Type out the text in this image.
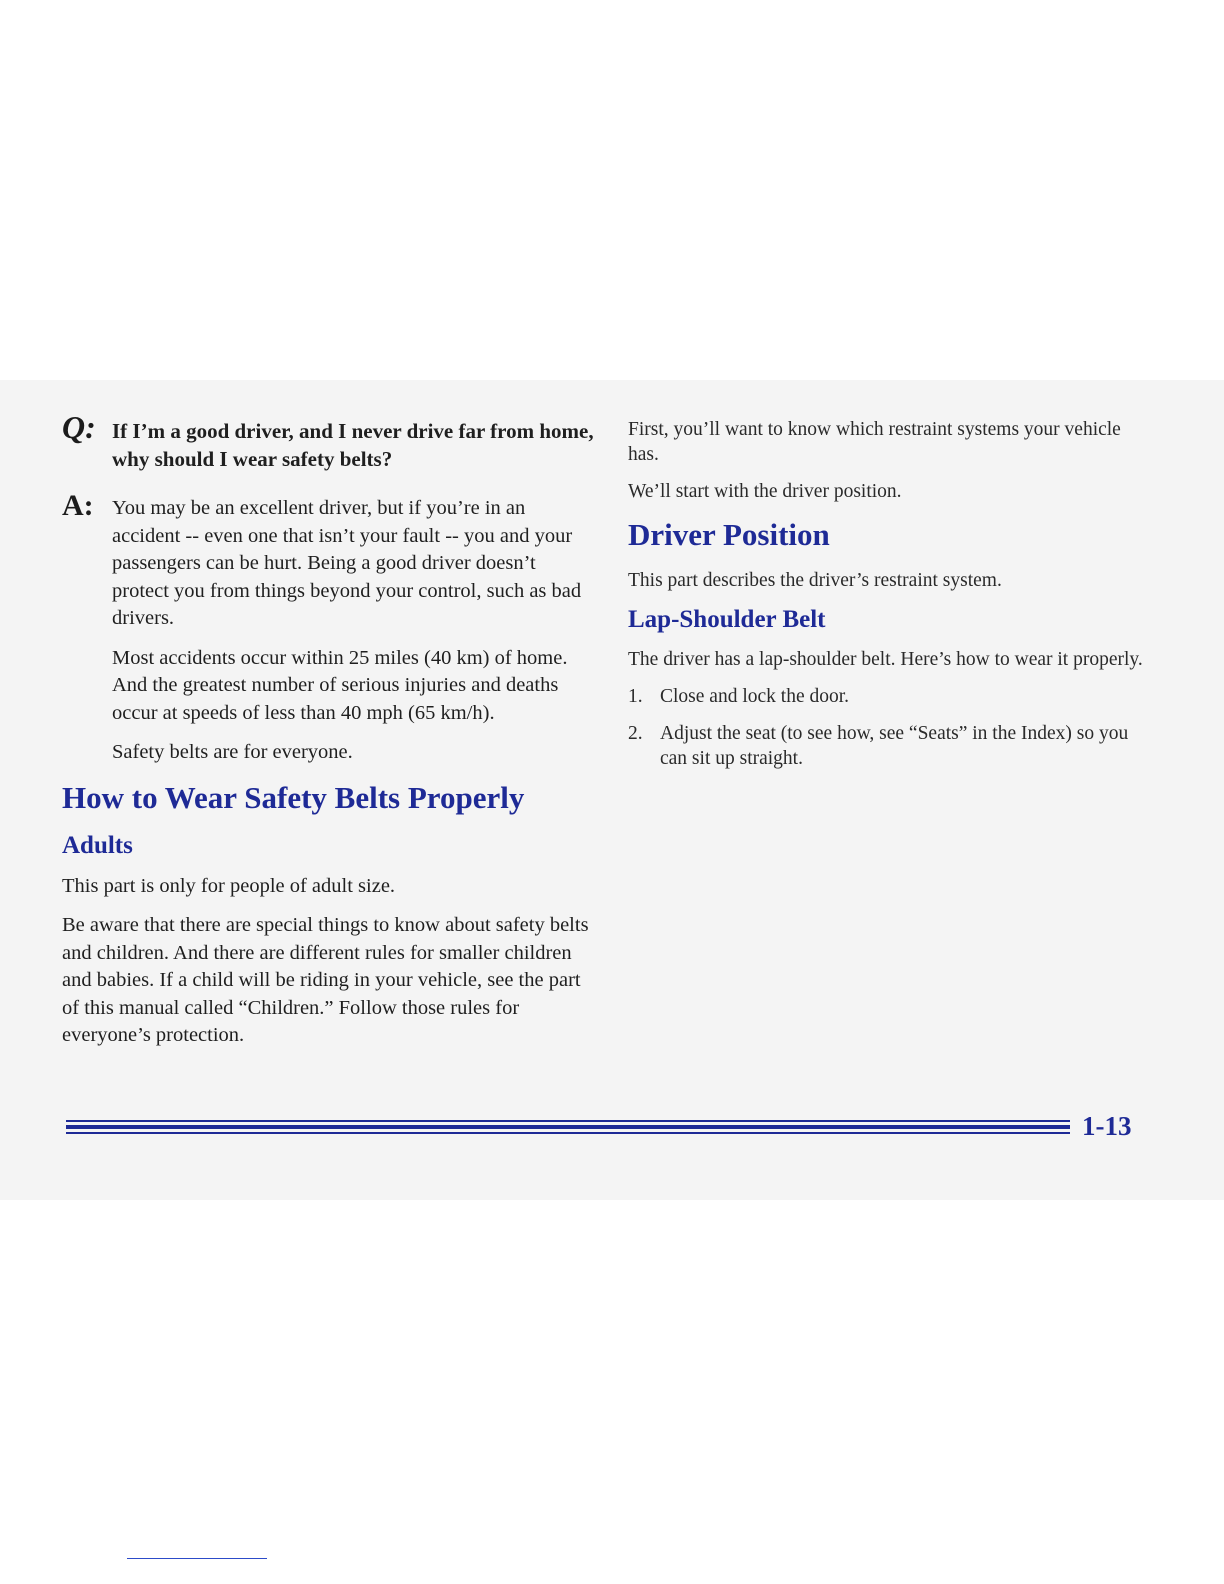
Q: If I’m a good driver, and I never drive far from home, why should I wear safety belts?

A: You may be an excellent driver, but if you’re in an accident -- even one that isn’t your fault -- you and your passengers can be hurt. Being a good driver doesn’t protect you from things beyond your control, such as bad drivers.

Most accidents occur within 25 miles (40 km) of home. And the greatest number of serious injuries and deaths occur at speeds of less than 40 mph (65 km/h).

Safety belts are for everyone.

How to Wear Safety Belts Properly
Adults

This part is only for people of adult size.

Be aware that there are special things to know about safety belts and children. And there are different rules for smaller children and babies. If a child will be riding in your vehicle, see the part of this manual called “Children.” Follow those rules for everyone’s protection.

First, you’ll want to know which restraint systems your vehicle has.

We’ll start with the driver position.

Driver Position

This part describes the driver’s restraint system.

Lap-Shoulder Belt

The driver has a lap-shoulder belt. Here’s how to wear it properly.

1. Close and lock the door.
2. Adjust the seat (to see how, see “Seats” in the Index) so you can sit up straight.
1-13
